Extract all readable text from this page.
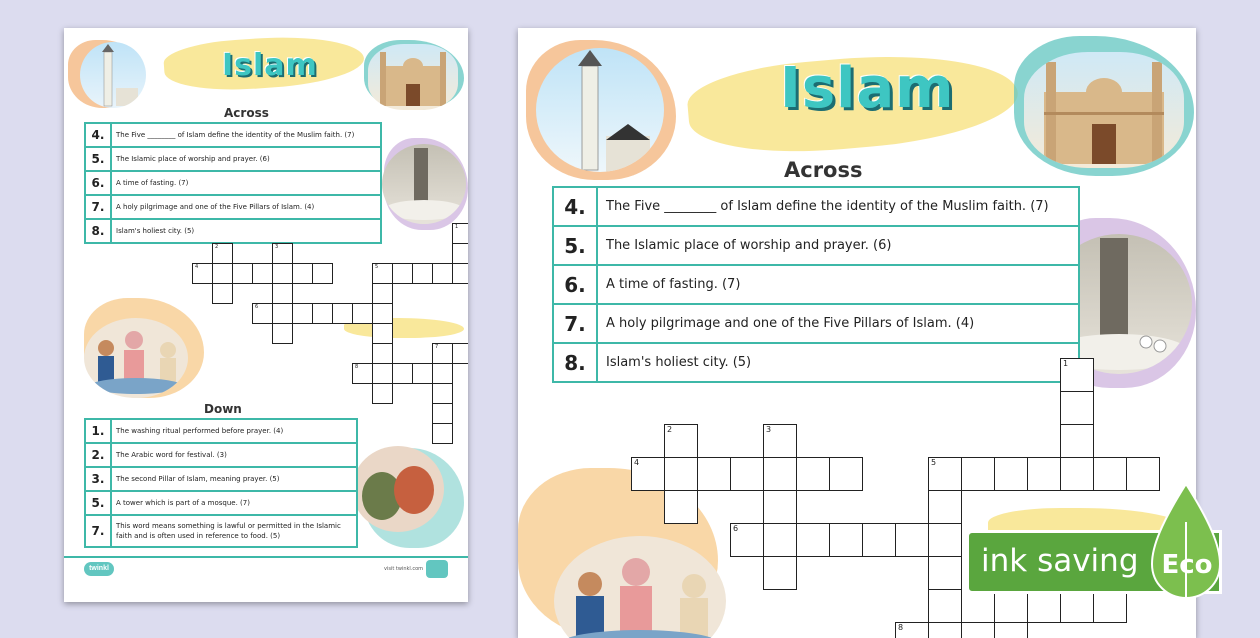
Islam
Across
4.	The Five ________ of Islam define the identity of the Muslim faith. (7)
5.	The Islamic place of worship and prayer. (6)
6.	A time of fasting. (7)
7.	A holy pilgrimage and one of the Five Pillars of Islam. (4)
8.	Islam's holiest city. (5)
Down
1.	The washing ritual performed before prayer. (4)
2.	The Arabic word for festival. (3)
3.	The second Pillar of Islam, meaning prayer. (5)
5.	A tower which is part of a mosque. (7)
7.	This word means something is lawful or permitted in the Islamic faith and is often used in reference to food. (5)
twinkl	visit twinkl.com
1
2	3
4	5
6
7
8
Islam
Across
4.	The Five ________ of Islam define the identity of the Muslim faith. (7)
5.	The Islamic place of worship and prayer. (6)
6.	A time of fasting. (7)
7.	A holy pilgrimage and one of the Five Pillars of Islam. (4)
8.	Islam's holiest city. (5)	1
2	3
4	5
6
8
ink saving Eco
